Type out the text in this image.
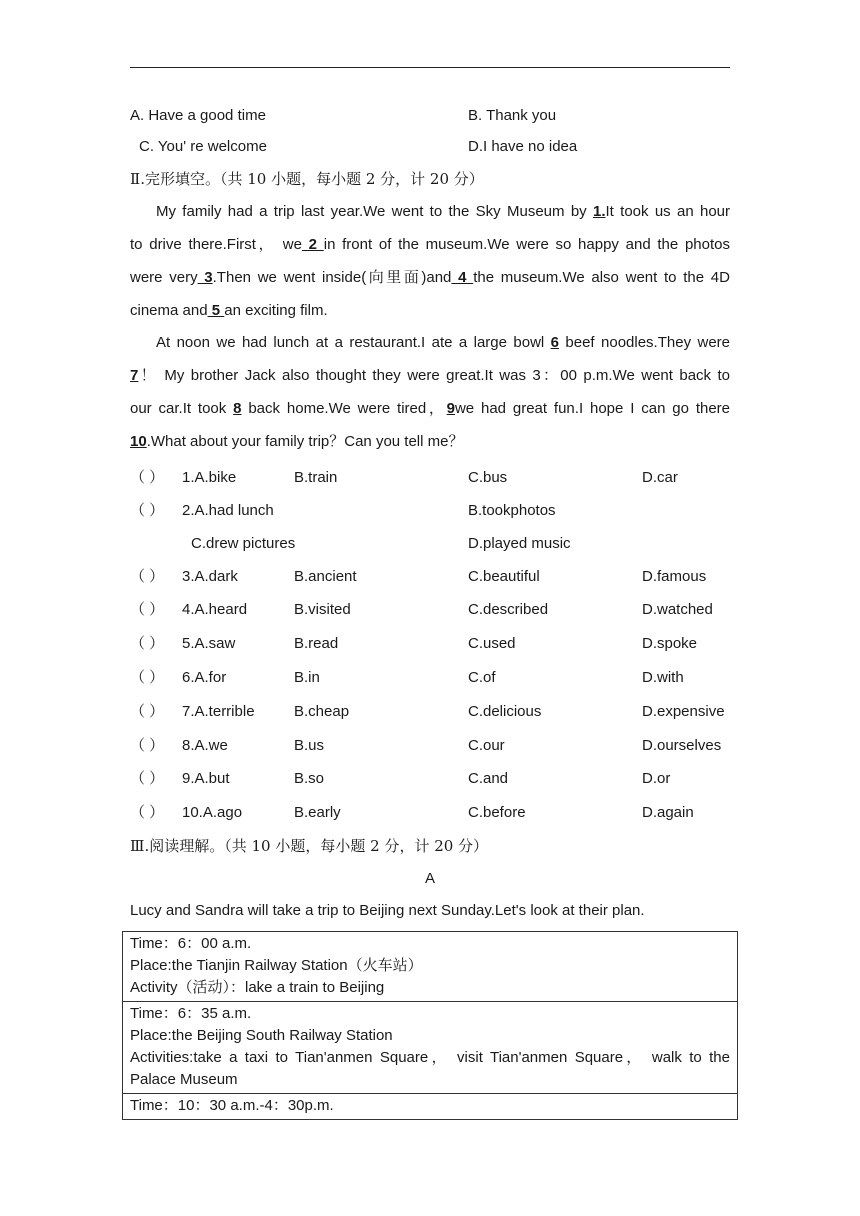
A. Have a good time	B. Thank you
C. You' re welcome	D.I have no idea
Ⅱ.完形填空。（共 10 小题，每小题 2 分，计 20 分）
My family had a trip last year.We went to the Sky Museum by 1.It took us an hour
to drive there.First， we 2 in front of the museum.We were so happy and the photos
were very 3.Then we went inside(向里面)and 4 the museum.We also went to the 4D
cinema and 5 an exciting film.
At noon we had lunch at a restaurant.I ate a large bowl 6 beef noodles.They were
7！ My brother Jack also thought they were great.It was 3：00 p.m.We went back to
our car.It took 8 back home.We were tired，9we had great fun.I hope I can go there
10.What about your family trip？Can you tell me？
（ ） 1.A.bike	B.train	C.bus	D.car
（ ） 2.A.had lunch	B.tookphotos
C.drew pictures	D.played music
（ ） 3.A.dark	B.ancient	C.beautiful	D.famous
（ ） 4.A.heard	B.visited	C.described	D.watched
（ ） 5.A.saw	B.read	C.used	D.spoke
（ ） 6.A.for	B.in	C.of	D.with
（ ） 7.A.terrible	B.cheap	C.delicious	D.expensive
（ ） 8.A.we	B.us	C.our	D.ourselves
（ ） 9.A.but	B.so	C.and	D.or
（ ） 10.A.ago	B.early	C.before	D.again
Ⅲ.阅读理解。（共 10 小题，每小题 2 分，计 20 分）
A
Lucy and Sandra will take a trip to Beijing next Sunday.Let's look at their plan.
Time：6：00 a.m.
Place:the Tianjin Railway Station（火车站）
Activity（活动）：lake a train to Beijing

Time：6：35 a.m.
Place:the Beijing South Railway Station
Activities:take a taxi to Tian'anmen Square， visit Tian'anmen Square， walk to the
Palace Museum

Time：10：30 a.m.-4：30p.m.
